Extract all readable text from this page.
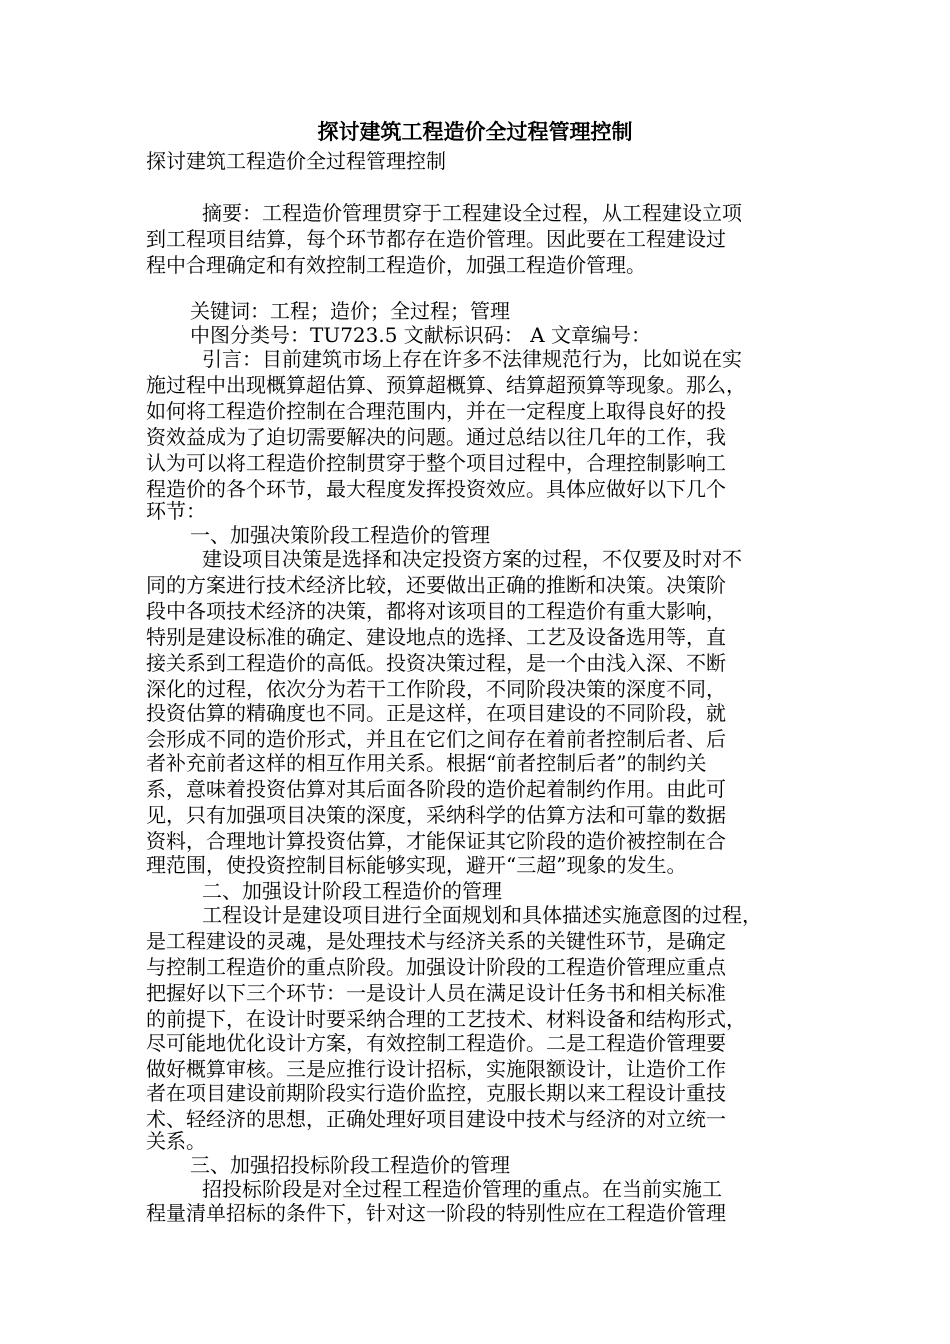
探讨建筑工程造价全过程管理控制
探讨建筑工程造价全过程管理控制
摘要：工程造价管理贯穿于工程建设全过程，从工程建设立项
到工程项目结算，每个环节都存在造价管理。因此要在工程建设过
程中合理确定和有效控制工程造价，加强工程造价管理。
关键词：工程；造价；全过程；管理
中图分类号：TU723.5 文献标识码： A 文章编号：
引言：目前建筑市场上存在许多不法律规范行为，比如说在实
施过程中出现概算超估算、预算超概算、结算超预算等现象。那么，
如何将工程造价控制在合理范围内，并在一定程度上取得良好的投
资效益成为了迫切需要解决的问题。通过总结以往几年的工作，我
认为可以将工程造价控制贯穿于整个项目过程中，合理控制影响工
程造价的各个环节，最大程度发挥投资效应。具体应做好以下几个
环节：
一、加强决策阶段工程造价的管理
建设项目决策是选择和决定投资方案的过程，不仅要及时对不
同的方案进行技术经济比较，还要做出正确的推断和决策。决策阶
段中各项技术经济的决策，都将对该项目的工程造价有重大影响，
特别是建设标准的确定、建设地点的选择、工艺及设备选用等，直
接关系到工程造价的高低。投资决策过程，是一个由浅入深、不断
深化的过程，依次分为若干工作阶段，不同阶段决策的深度不同，
投资估算的精确度也不同。正是这样，在项目建设的不同阶段，就
会形成不同的造价形式，并且在它们之间存在着前者控制后者、后
者补充前者这样的相互作用关系。根据“前者控制后者”的制约关
系，意味着投资估算对其后面各阶段的造价起着制约作用。由此可
见，只有加强项目决策的深度，采纳科学的估算方法和可靠的数据
资料，合理地计算投资估算，才能保证其它阶段的造价被控制在合
理范围，使投资控制目标能够实现，避开“三超”现象的发生。
二、加强设计阶段工程造价的管理
工程设计是建设项目进行全面规划和具体描述实施意图的过程，
是工程建设的灵魂，是处理技术与经济关系的关键性环节，是确定
与控制工程造价的重点阶段。加强设计阶段的工程造价管理应重点
把握好以下三个环节：一是设计人员在满足设计任务书和相关标准
的前提下，在设计时要采纳合理的工艺技术、材料设备和结构形式，
尽可能地优化设计方案，有效控制工程造价。二是工程造价管理要
做好概算审核。三是应推行设计招标，实施限额设计，让造价工作
者在项目建设前期阶段实行造价监控，克服长期以来工程设计重技
术、轻经济的思想，正确处理好项目建设中技术与经济的对立统一
关系。
三、加强招投标阶段工程造价的管理
招投标阶段是对全过程工程造价管理的重点。在当前实施工
程量清单招标的条件下，针对这一阶段的特别性应在工程造价管理
